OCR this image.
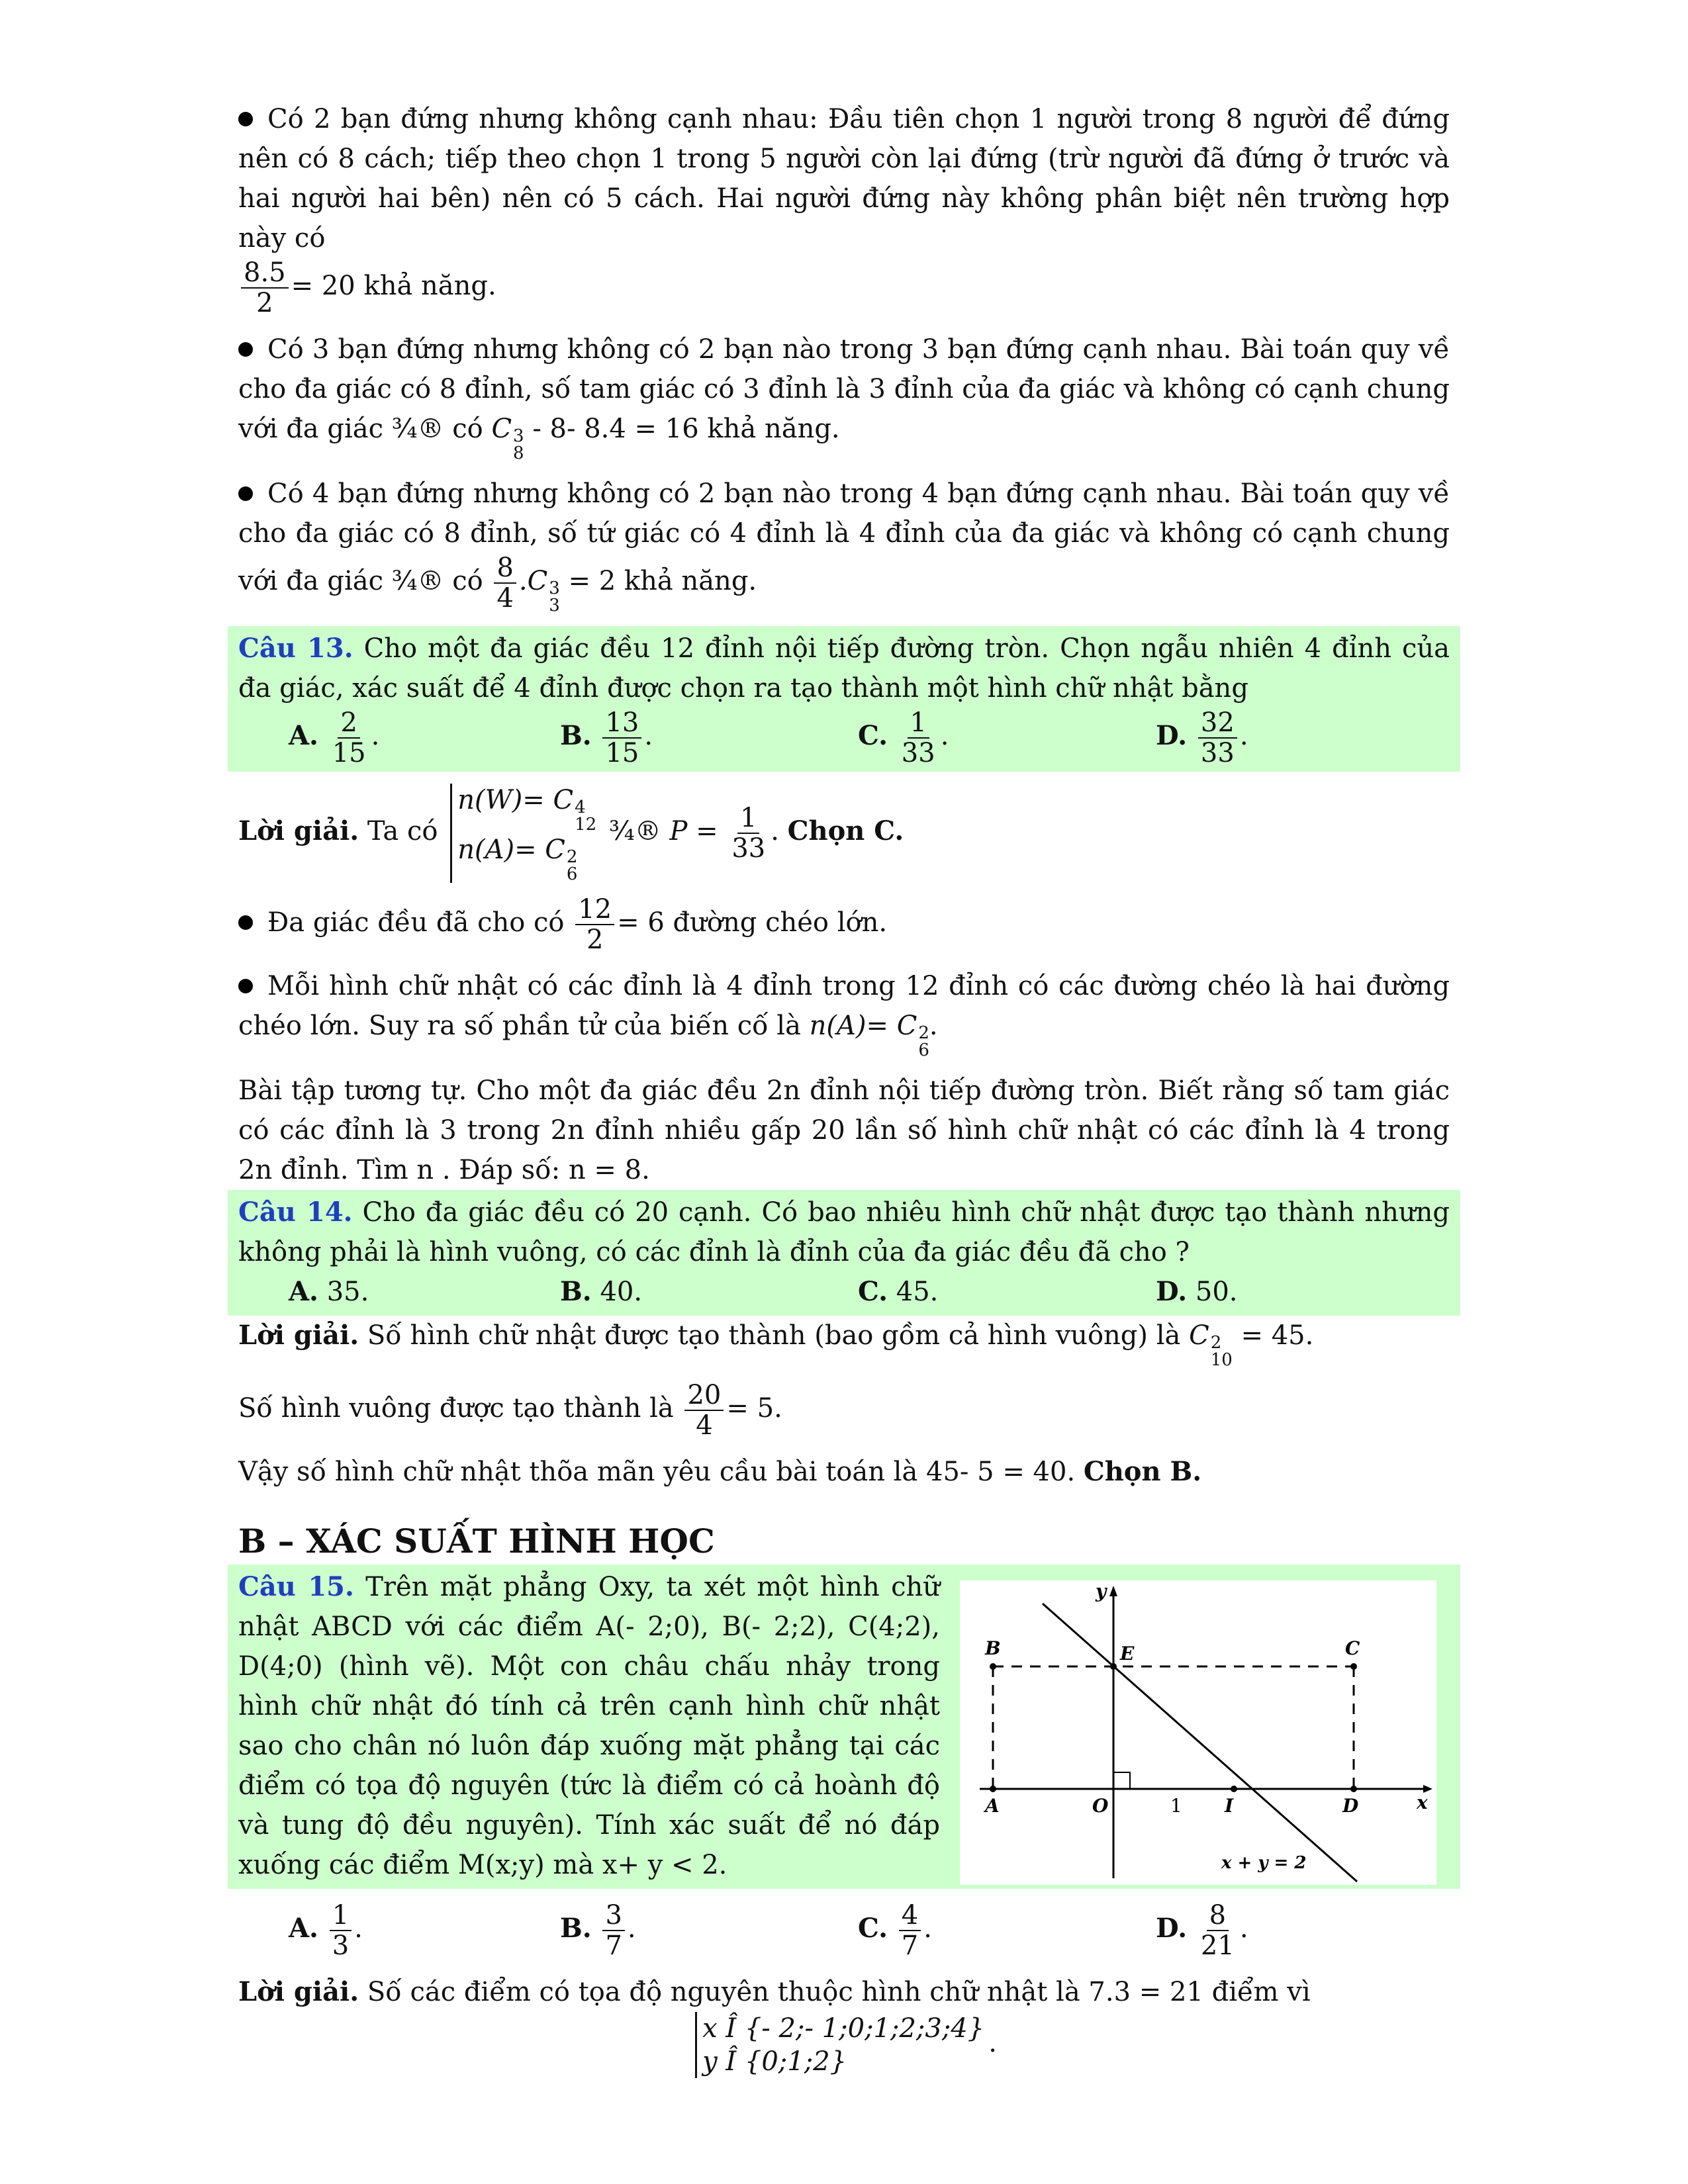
Có 2 bạn đứng nhưng không cạnh nhau: Đầu tiên chọn 1 người trong 8 người để đứng nên có 8 cách; tiếp theo chọn 1 trong 5 người còn lại đứng (trừ người đã đứng ở trước và hai người hai bên) nên có 5 cách. Hai người đứng này không phân biệt nên trường hợp này có

$\frac{8.5}{2} = 20$ khả năng.

Có 3 bạn đứng nhưng không có 2 bạn nào trong 3 bạn đứng cạnh nhau. Bài toán quy về cho đa giác có 8 đỉnh, số tam giác có 3 đỉnh là 3 đỉnh của đa giác và không có cạnh chung với đa giác ¾® có C 3
8
- 8- 8.4 = 16 khả năng.

Có 4 bạn đứng nhưng không có 2 bạn nào trong 4 bạn đứng cạnh nhau. Bài toán quy về cho đa giác có 8 đỉnh, số tứ giác có 4 đỉnh là 4 đỉnh của đa giác và không có cạnh chung với đa giác ¾® có $\frac{8}{4} .C$ 3
3
= 2 khả năng.

Câu 13. Cho một đa giác đều 12 đỉnh nội tiếp đường tròn. Chọn ngẫu nhiên 4 đỉnh của đa giác, xác suất để 4 đỉnh được chọn ra tạo thành một hình chữ nhật bằng

A. $\frac{2}{15}$ .	B. $\frac{13}{15}$ .	C. $\frac{1}{33}$ .	D. $\frac{32}{33}$ .

Lời giải. Ta có
n(W)= C 4
12
n(A)= C 2
6
¾® $P = \frac{1}{33}$ . Chọn C.

Đa giác đều đã cho có $\frac{12}{2} = 6$ đường chéo lớn.

Mỗi hình chữ nhật có các đỉnh là 4 đỉnh trong 12 đỉnh có các đường chéo là hai đường chéo lớn. Suy ra số phần tử của biến cố là n(A)= C 2
6
.

Bài tập tương tự. Cho một đa giác đều 2n đỉnh nội tiếp đường tròn. Biết rằng số tam giác có các đỉnh là 3 trong 2n đỉnh nhiều gấp 20 lần số hình chữ nhật có các đỉnh là 4 trong 2n đỉnh. Tìm n . Đáp số: n = 8.

Câu 14. Cho đa giác đều có 20 cạnh. Có bao nhiêu hình chữ nhật được tạo thành nhưng không phải là hình vuông, có các đỉnh là đỉnh của đa giác đều đã cho ?

A. 35.	B. 40.	C. 45.	D. 50.

Lời giải. Số hình chữ nhật được tạo thành (bao gồm cả hình vuông) là C 2
10
= 45.

Số hình vuông được tạo thành là $\frac{20}{4} = 5$.

Vậy số hình chữ nhật thõa mãn yêu cầu bài toán là 45- 5 = 40. Chọn B.

B – XÁC SUẤT HÌNH HỌC

Câu 15. Trên mặt phẳng Oxy, ta xét một hình chữ nhật ABCD với các điểm A(- 2;0), B(- 2;2), C(4;2), D(4;0) (hình vẽ). Một con châu chấu nhảy trong hình chữ nhật đó tính cả trên cạnh hình chữ nhật sao cho chân nó luôn đáp xuống mặt phẳng tại các điểm có tọa độ nguyên (tức là điểm có cả hoành độ và tung độ đều nguyên). Tính xác suất để nó đáp xuống các điểm M(x;y) mà x+ y < 2.

y
x
B	C
E
A	O	1 I	D
x + y = 2
A. $\frac{1}{3}$ .	B. $\frac{3}{7}$ .	C. $\frac{4}{7}$ .	D. $\frac{8}{21}$ .

Lời giải. Số các điểm có tọa độ nguyên thuộc hình chữ nhật là 7.3 = 21 điểm vì

x Î {- 2;- 1;0;1;2;3;4}
y Î {0;1;2}
.
